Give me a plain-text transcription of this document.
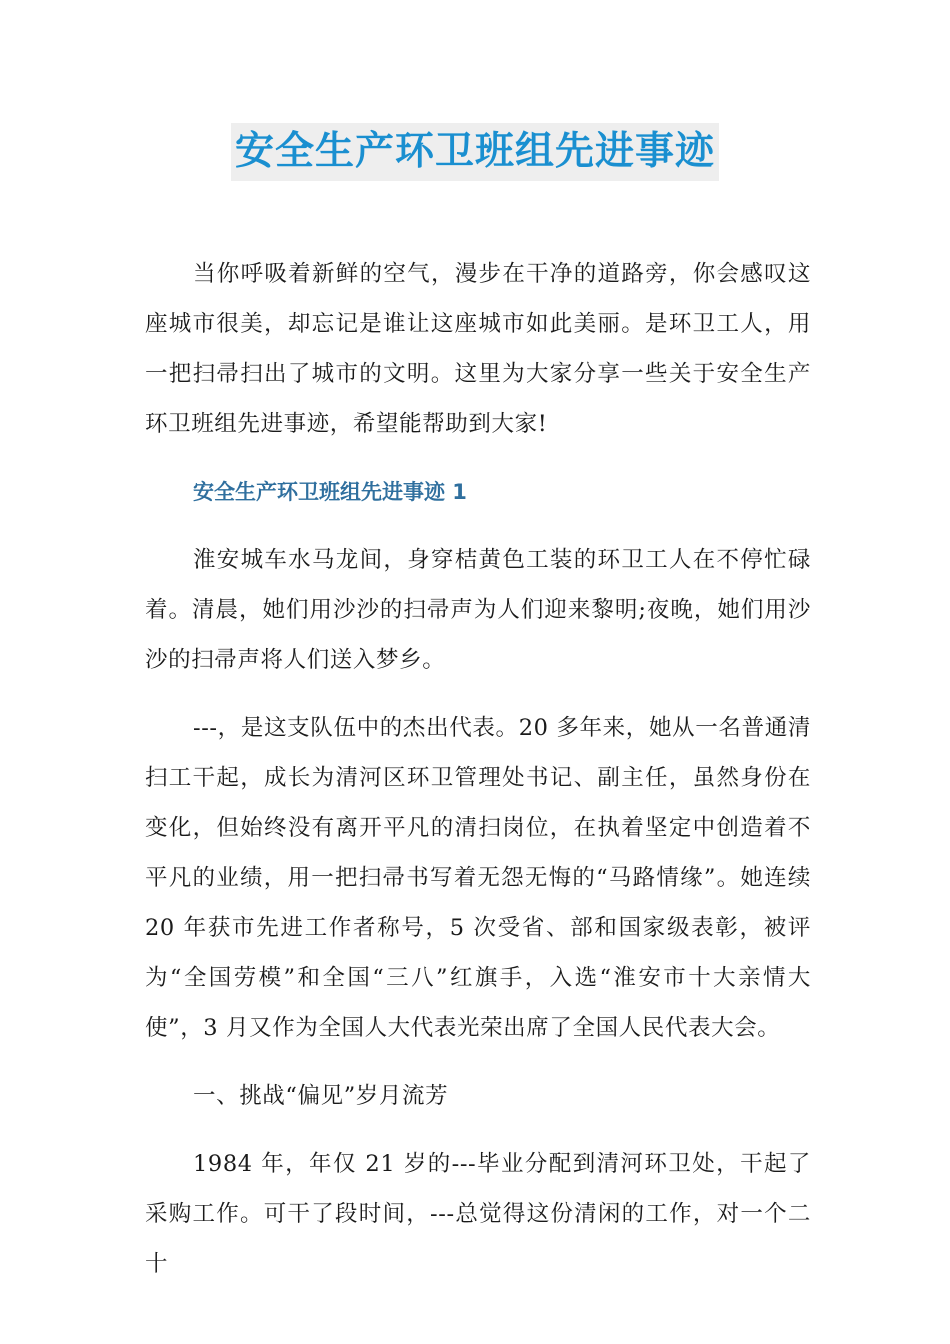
安全生产环卫班组先进事迹

当你呼吸着新鲜的空气，漫步在干净的道路旁，你会感叹这座城市很美，却忘记是谁让这座城市如此美丽。是环卫工人，用一把扫帚扫出了城市的文明。这里为大家分享一些关于安全生产环卫班组先进事迹，希望能帮助到大家!

安全生产环卫班组先进事迹 1

淮安城车水马龙间，身穿桔黄色工装的环卫工人在不停忙碌着。清晨，她们用沙沙的扫帚声为人们迎来黎明;夜晚，她们用沙沙的扫帚声将人们送入梦乡。

---，是这支队伍中的杰出代表。20 多年来，她从一名普通清扫工干起，成长为清河区环卫管理处书记、副主任，虽然身份在变化，但始终没有离开平凡的清扫岗位，在执着坚定中创造着不平凡的业绩，用一把扫帚书写着无怨无悔的“马路情缘”。她连续 20 年获市先进工作者称号，5 次受省、部和国家级表彰，被评为“全国劳模”和全国“三八”红旗手，入选“淮安市十大亲情大使”，3 月又作为全国人大代表光荣出席了全国人民代表大会。

一、挑战“偏见”岁月流芳

1984 年，年仅 21 岁的---毕业分配到清河环卫处，干起了采购工作。可干了段时间，---总觉得这份清闲的工作，对一个二十
